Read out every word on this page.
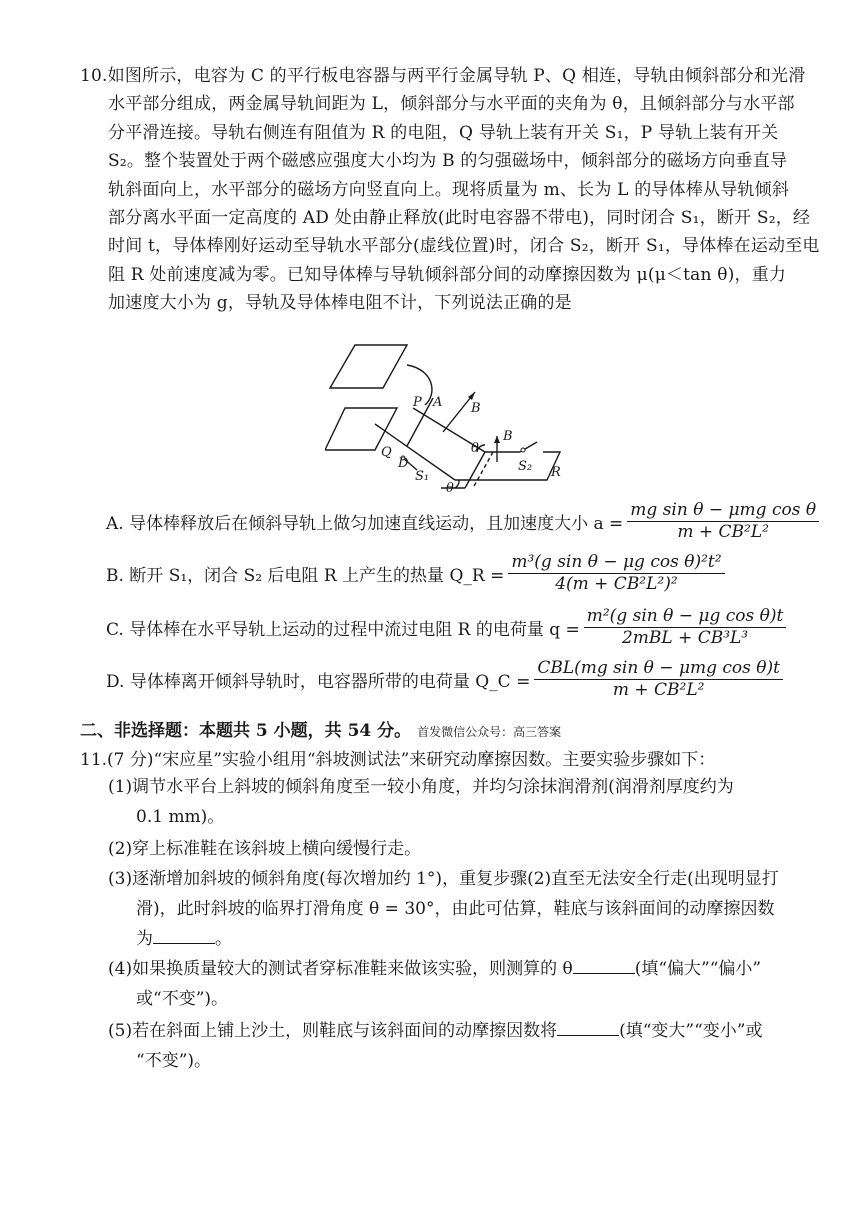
10.如图所示，电容为 C 的平行板电容器与两平行金属导轨 P、Q 相连，导轨由倾斜部分和光滑
水平部分组成，两金属导轨间距为 L，倾斜部分与水平面的夹角为 θ，且倾斜部分与水平部
分平滑连接。导轨右侧连有阻值为 R 的电阻，Q 导轨上装有开关 S₁，P 导轨上装有开关
S₂。整个装置处于两个磁感应强度大小均为 B 的匀强磁场中，倾斜部分的磁场方向垂直导
轨斜面向上，水平部分的磁场方向竖直向上。现将质量为 m、长为 L 的导体棒从导轨倾斜
部分离水平面一定高度的 AD 处由静止释放(此时电容器不带电)，同时闭合 S₁，断开 S₂，经
时间 t，导体棒刚好运动至导轨水平部分(虚线位置)时，闭合 S₂，断开 S₁，导体棒在运动至电
阻 R 处前速度减为零。已知导体棒与导轨倾斜部分间的动摩擦因数为 μ(μ＜tan θ)，重力
加速度大小为 g，导轨及导体棒电阻不计，下列说法正确的是
P A B
θ
B
Q
D
S₁
S₂ R
θ
A. 导体棒释放后在倾斜导轨上做匀加速直线运动，且加速度大小 $a = \frac{\text{mg sin θ − μmg cos θ}}{\text{m + CB²L²}}$
B. 断开 S₁，闭合 S₂ 后电阻 R 上产生的热量 Q_R = $\frac{\text{m³(g sin θ − μg cos θ)²t²}}{\text{4(m + CB²L²)²}}$
C. 导体棒在水平导轨上运动的过程中流过电阻 R 的电荷量 $q = \frac{\text{m²(g sin θ − μg cos θ)t}}{\text{2mBL + CB³L³}}$
D. 导体棒离开倾斜导轨时，电容器所带的电荷量 Q_C = $\frac{\text{CBL(mg sin θ − μmg cos θ)t}}{\text{m + CB²L²}}$
二、非选择题：本题共 5 小题，共 54 分。 首发微信公众号：高三答案
11.(7 分)“宋应星”实验小组用“斜坡测试法”来研究动摩擦因数。主要实验步骤如下：
(1)调节水平台上斜坡的倾斜角度至一较小角度，并均匀涂抹润滑剂(润滑剂厚度约为
0.1 mm)。
(2)穿上标准鞋在该斜坡上横向缓慢行走。
(3)逐渐增加斜坡的倾斜角度(每次增加约 1°)，重复步骤(2)直至无法安全行走(出现明显打
滑)，此时斜坡的临界打滑角度 θ = 30°，由此可估算，鞋底与该斜面间的动摩擦因数
为	。
(4)如果换质量较大的测试者穿标准鞋来做该实验，则测算的 θ	(填“偏大”“偏小”
或“不变”)。
(5)若在斜面上铺上沙土，则鞋底与该斜面间的动摩擦因数将	(填“变大”“变小”或
“不变”)。
